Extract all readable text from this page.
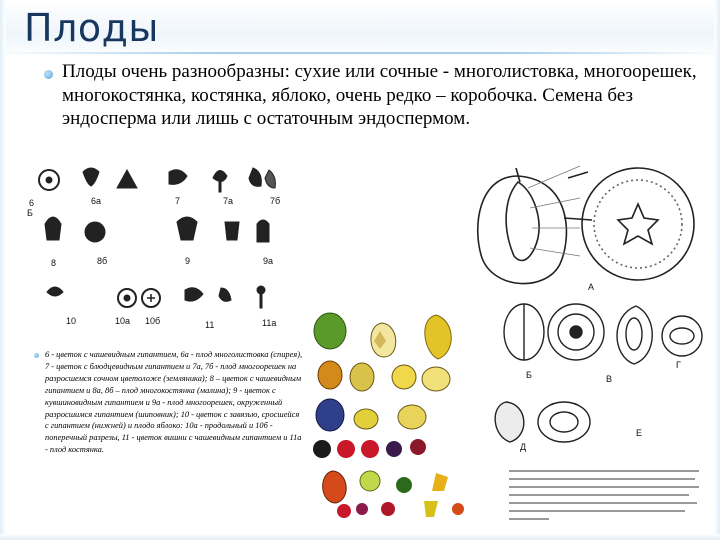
Плоды

Плоды очень разнообразны: сухие или сочные - многолистовка, многоорешек, многокостянка, костянка, яблоко, очень редко – коробочка. Семена без эндосперма или лишь с остаточным эндоспермом.

6 - цветок с чашевидным гипантием, 6а - плод многолистовка (спирея), 7 - цветок с блюдцевидным гипантием и 7а, 7б - плод многоорешек на разросшемся сочном цветоложе (земляника); 8 – цветок с чашевидным гипантием и 8а, 8б – плод многокостянка (малина); 9 - цветок с кувшиновидным гипантием и 9а - плод многоорешек, окруженный разросшимся гипантием (шиповник); 10 - цветок с завязью, сросшейся с гипантием (нижней) и плодо яблоко: 10а - продольный и 10б - поперечный разрезы, 11 - цветок вишни с чашевидным гипантием и 11а - плод костянка.

6	6а	7	7а	7б
Б
8	8б	9	9а
10	10а 10б	11	11а
А
Б	В
Г
Д
Е
